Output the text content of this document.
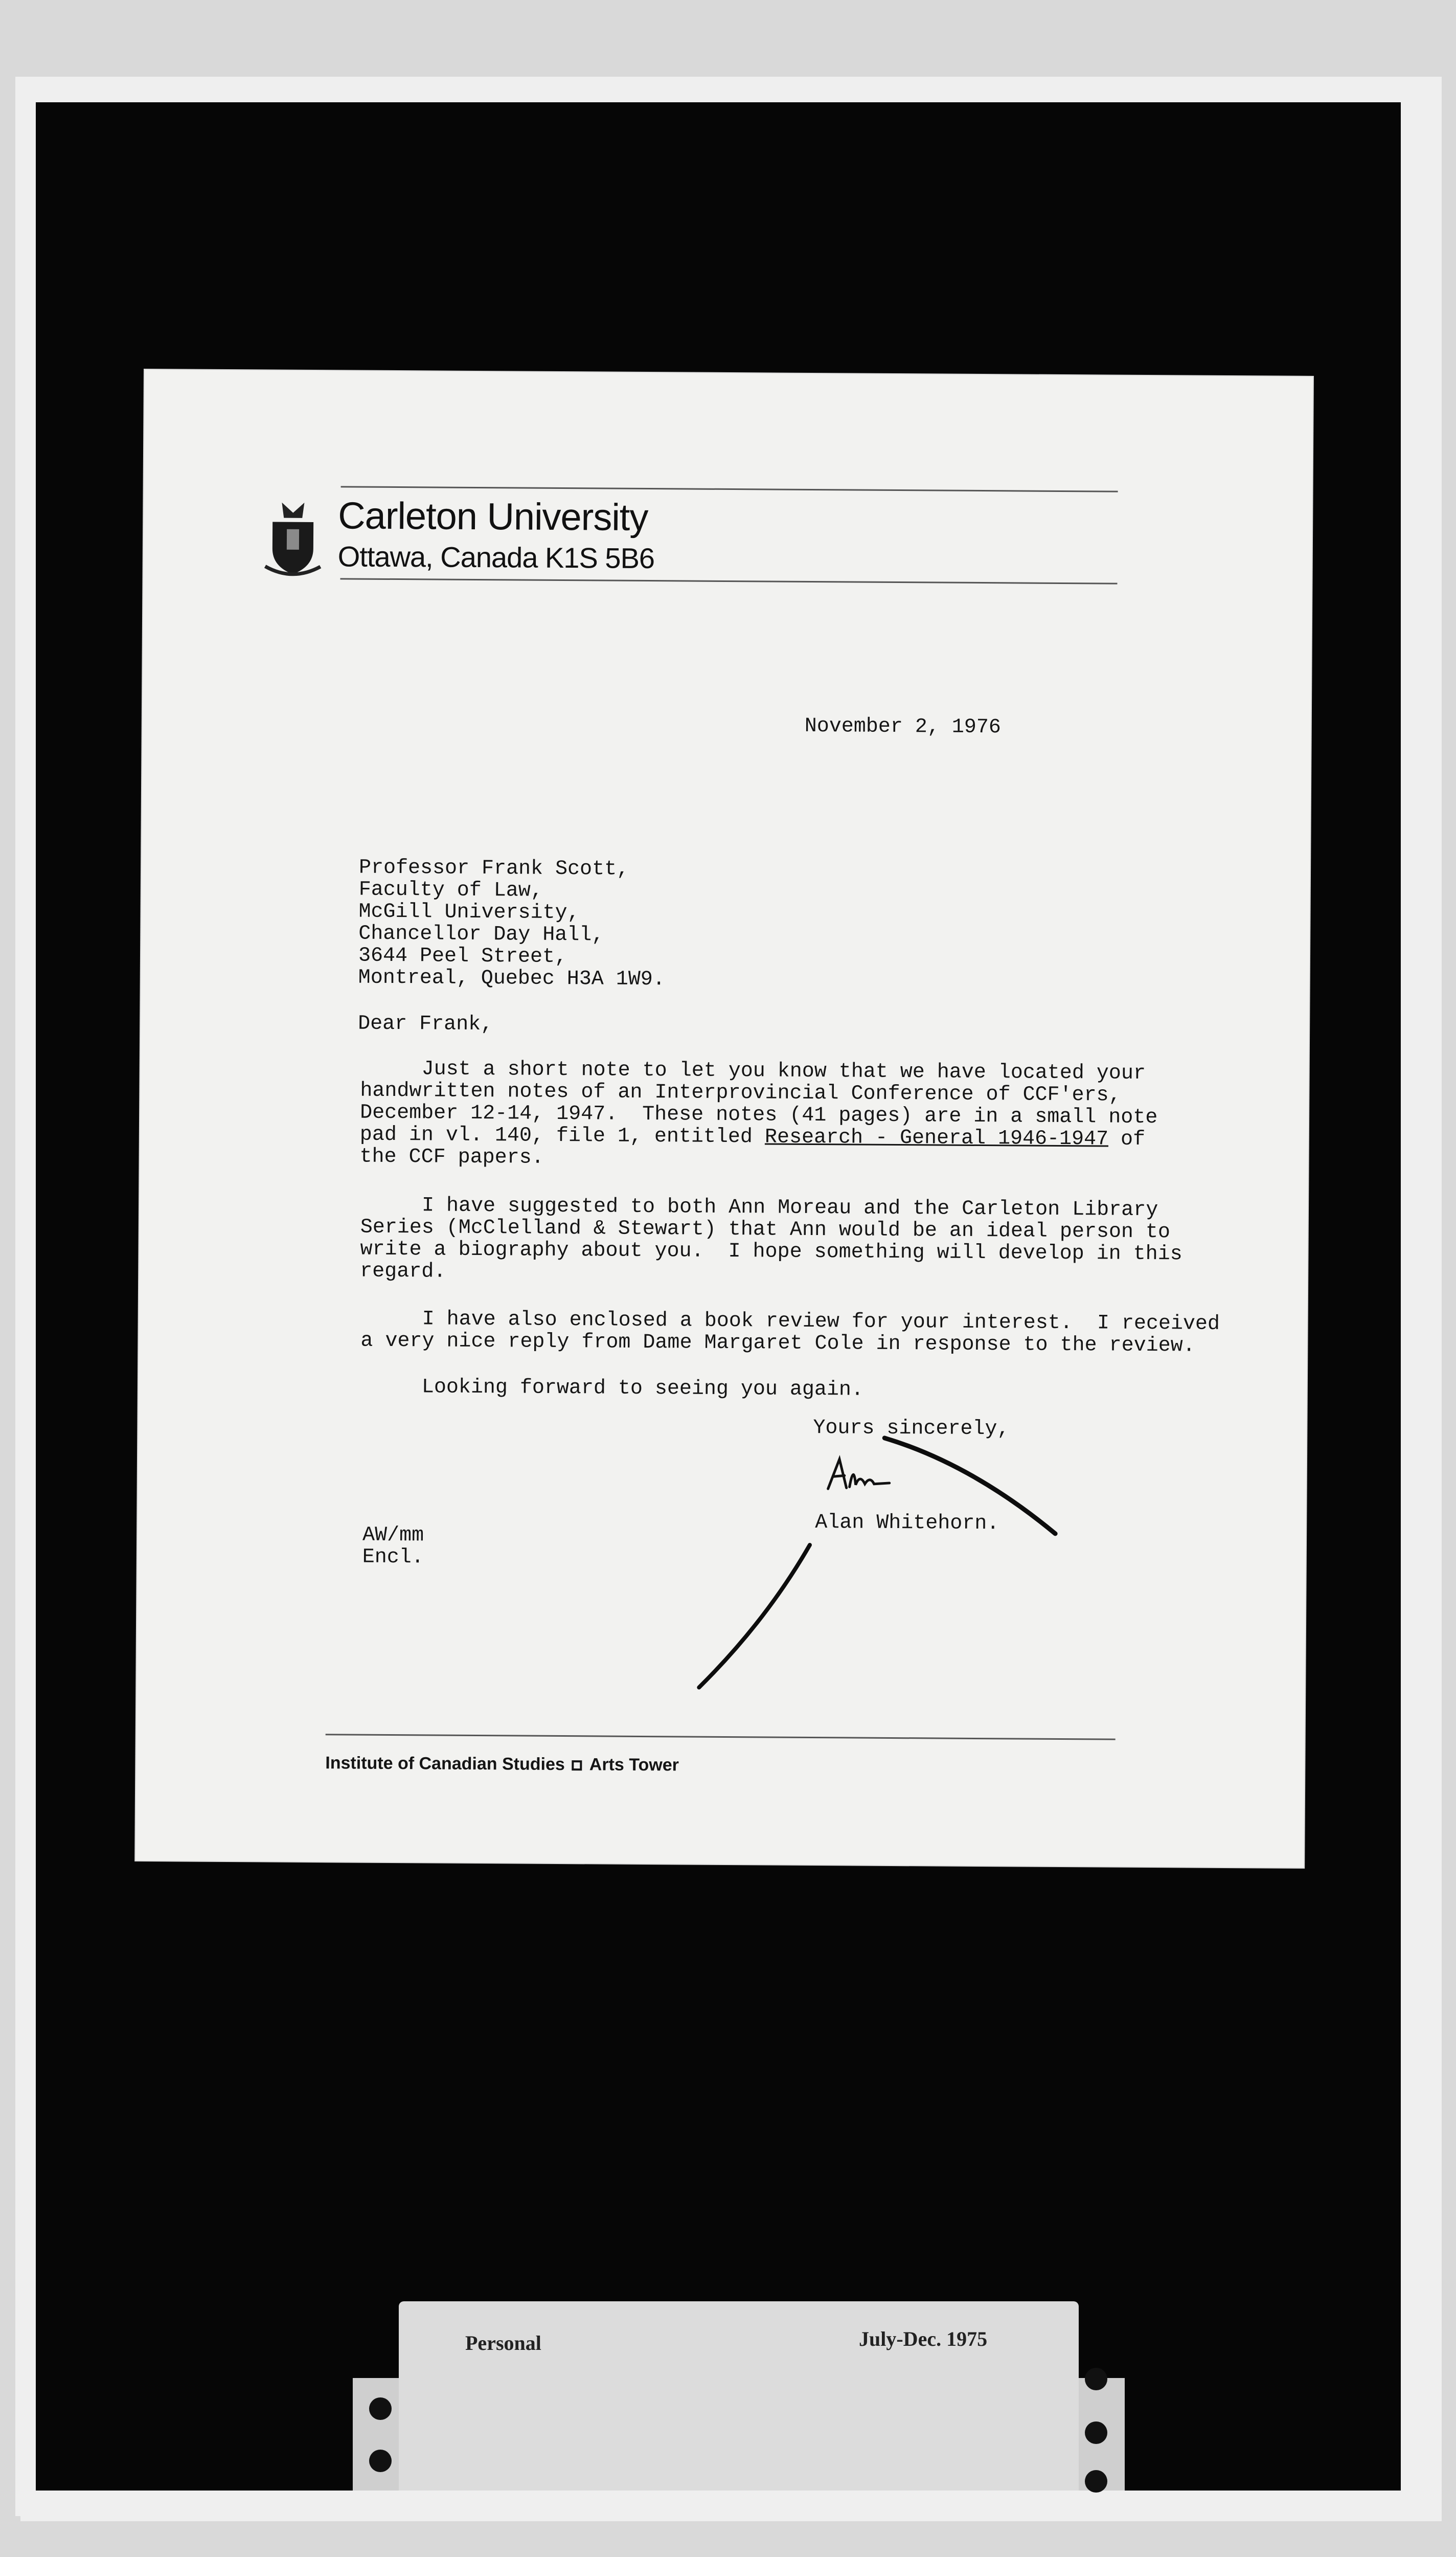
Carleton University
Ottawa, Canada K1S 5B6
November 2, 1976
Professor Frank Scott,
Faculty of Law,
McGill University,
Chancellor Day Hall,
3644 Peel Street,
Montreal, Quebec H3A 1W9.
Dear Frank,
Just a short note to let you know that we have located your
handwritten notes of an Interprovincial Conference of CCF'ers,
December 12-14, 1947.  These notes (41 pages) are in a small note
pad in vl. 140, file 1, entitled Research - General 1946-1947 of
the CCF papers.
I have suggested to both Ann Moreau and the Carleton Library
Series (McClelland & Stewart) that Ann would be an ideal person to
write a biography about you.  I hope something will develop in this
regard.
I have also enclosed a book review for your interest.  I received
a very nice reply from Dame Margaret Cole in response to the review.
Looking forward to seeing you again.
Yours sincerely,
Alan Whitehorn.
AW/mm
Encl.
Institute of Canadian Studies Arts Tower
Personal	July-Dec. 1975
